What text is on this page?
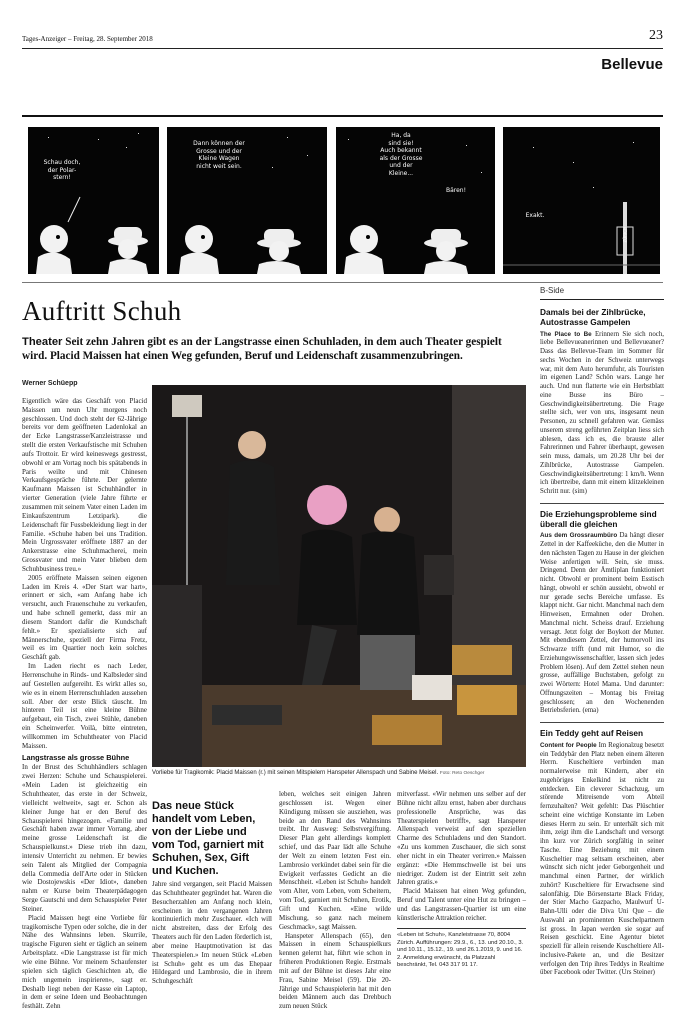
Tages-Anzeiger – Freitag, 28. September 2018	23
Bellevue
Schau doch,
der Polar-
stern!
Dann können der
Grosse und der
Kleine Wagen
nicht weit sein.
Ha, da
sind sie!
Auch bekannt
als der Grosse
und der
Kleine...
Bären!
Exakt.
ZÜRICH
Auftritt Schuh
Theater Seit zehn Jahren gibt es an der Langstrasse einen Schuhladen, in dem auch Theater gespielt wird. Placid Maissen hat einen Weg gefunden, Beruf und Leidenschaft zusammenzubringen.
Werner Schüepp

Eigentlich wäre das Geschäft von Placid Maissen um neun Uhr morgens noch geschlossen. Und doch steht der 62-Jährige bereits vor dem geöffneten Ladenlokal an der Ecke Langstrasse/Kanzleistrasse und stellt die ersten Verkaufstische mit Schuhen aufs Trottoir. Er wird keineswegs gestresst, obwohl er am Vortag noch bis spätabends in Paris weilte und mit Chinesen Verkaufsgespräche führte. Der gelernte Kaufmann Maissen ist Schuhhändler in vierter Generation (viele Jahre führte er zusammen mit seinem Vater einen Laden im Einkaufszentrum Letzipark). die Leidenschaft für Fussbekleidung liegt in der Familie. «Schuhe haben bei uns Tradition. Mein Urgrossvater eröffnete 1887 an der Ankerstrasse eine Schuhmacherei, mein Grossvater und mein Vater blieben dem Schuhbusiness treu.»

2005 eröffnete Maissen seinen eigenen Laden im Kreis 4. «Der Start war hart», erinnert er sich, «am Anfang habe ich versucht, auch Frauenschuhe zu verkaufen, und habe schnell gemerkt, dass mir an diesem Standort dafür die Kundschaft fehlt.» Er spezialisierte sich auf Männerschuhe, speziell der Firma Fretz, weil es im Quartier noch kein solches Geschäft gab.

Im Laden riecht es nach Leder, Herrenschuhe in Rinds- und Kalbsleder sind auf Gestellen aufgereiht. Es wirkt alles so, wie es in einem Herrenschuhladen aussehen soll. Aber der erste Blick täuscht. Im hinteren Teil ist eine kleine Bühne aufgebaut, ein Tisch, zwei Stühle, daneben ein Scheinwerfer. Voilà, bitte eintreten, willkommen im Schuhtheater von Placid Maissen.

Langstrasse als grosse Bühne

In der Brust des Schuhhändlers schlagen zwei Herzen: Schuhe und Schauspielerei. «Mein Laden ist gleichzeitig ein Schuhtheater, das erste in der Schweiz, vielleicht weltweit», sagt er. Schon als kleiner Junge hat er den Beruf des Schauspielerei hingezogen. «Familie und Geschäft haben zwar immer Vorrang, aber meine grosse Leidenschaft ist die Schauspielkunst.» Diese trieb ihn dazu, intensiv Unterricht zu nehmen. Er bewies sein Talent als Mitglied der Compagnia della Commedia dell'Arte oder in Stücken wie Dostojewskis «Der Idiot», daneben nahm er Kurse beim Theaterpädagogen Serge Gautschi und dem Schauspieler Peter Steiner.

Placid Maissen hegt eine Vorliebe für tragikomische Typen oder solche, die in der Nähe des Wahnsinns leben. Skurrile, tragische Figuren sieht er täglich an seinem Arbeitsplatz. «Die Langstrasse ist für mich wie eine Bühne. Vor meinem Schaufenster spielen sich täglich Geschichten ab, die mich ungemein inspirieren», sagt er. Deshalb liegt neben der Kasse ein Laptop, in dem er seine Ideen und Beobachtungen festhält. Zehn

Vorliebe für Tragikomik: Placid Maissen (r.) mit seinen Mitspielern Hanspeter Allenspach und Sabine Meisel. Foto: Reto Oeschger
Das neue Stück handelt vom Leben, von der Liebe und vom Tod, garniert mit Schuhen, Sex, Gift und Kuchen.

Jahre sind vergangen, seit Placid Maissen das Schuhtheater gegründet hat. Waren die Besucherzahlen am Anfang noch klein, erscheinen in den vergangenen Jahren kontinuierlich mehr Zuschauer. «Ich will nicht abstreiten, dass der Erfolg des Theaters auch für den Laden förderlich ist, aber meine Hauptmotivation ist das Theaterspielen.» Im neuen Stück «Leben ist Schuh» geht es um das Ehepaar Hildegard und Lambrosio, die in ihrem Schuhgeschäft

leben, welches seit einigen Jahren geschlossen ist. Wegen einer Kündigung müssen sie ausziehen, was beide an den Rand des Wahnsinns treibt. Ihr Ausweg: Selbstvergiftung. Dieser Plan geht allerdings komplett schief, und das Paar lädt alle Schuhe der Welt zu einem letzten Fest ein. Lambrosio verkündet dabei sein für die Ewigkeit verfasstes Gedicht an die Menschheit. «Leben ist Schuh» handelt vom Alter, vom Leben, vom Scheitern, vom Tod, garniert mit Schuhen, Erotik, Gift und Kuchen. «Eine wilde Mischung, so ganz nach meinem Geschmack», sagt Maissen.

Hanspeter Allenspach (65), den Maissen in einem Schauspielkurs kennen gelernt hat, führt wie schon in früheren Produktionen Regie. Erstmals mit auf der Bühne ist dieses Jahr eine Frau, Sabine Meisel (59). Die 20-Jährige und Schauspielerin hat mit den beiden Männern auch das Drehbuch zum neuen Stück

mitverfasst. «Wir nehmen uns selber auf der Bühne nicht allzu ernst, haben aber durchaus professionelle Ansprüche, was das Theaterspielen betrifft», sagt Hanspeter Allenspach verweist auf den speziellen Charme des Schuhladens und den Standort. «Zu uns kommen Zuschauer, die sich sonst eher nicht in ein Theater verirren.» Maissen ergänzt: «Die Hemmschwelle ist bei uns niedriger. Zudem ist der Eintritt seit zehn Jahren gratis.»

Placid Maissen hat einen Weg gefunden, Beruf und Talent unter eine Hut zu bringen – und das Langstrassen-Quartier ist um eine künstlerische Attraktion reicher.

«Leben ist Schuh», Kanzleistrasse 70, 8004 Zürich. Aufführungen: 29.9., 6., 13. und 20.10., 3. und 10.11., 15.12., 19. und 26.1.2019, 9. und 16. 2. Anmeldung erwünscht, da Platzzahl beschränkt, Tel. 043 317 91 17.
B-Side
Damals bei der Zihlbrücke, Autostrasse Gampelen
The Place to Be Erinnern Sie sich noch, liebe Bellevueanerinnen und Bellevueaner? Dass das Bellevue-Team im Sommer für sechs Wochen in der Schweiz unterwegs war, mit dem Auto herumfuhr, als Touristen im eigenen Land? Schön wars. Lange her auch. Und nun flatterte wie ein Herbstblatt eine Busse ins Büro – Geschwindigkeitsübertretung. Die Frage stellte sich, wer von uns, insgesamt neun Personen, zu schnell gefahren war. Gemäss unserem streng geführten Zeitplan liess sich ablesen, dass ich es, die brauste aller Fahrerinnen und Fahrer überhaupt, gewesen sein muss, damals, um 20.28 Uhr bei der Zihlbrücke, Autostrasse Gampelen. Geschwindigkeitsübertretung: 1 km/h. Wenn ich übertreibe, dann mit einem klitzekleinen Schritt nur. (sim)
Die Erziehungsprobleme sind überall die gleichen
Aus dem Grossraumbüro Da hängt dieser Zettel in der Kaffeeküche, den die Mutter in den nächsten Tagen zu Hause in der gleichen Weise anfertigen will. Sein, sie muss. Dringend. Denn der Ämtliplan funktioniert nicht. Obwohl er prominent beim Esstisch hängt, obwohl er schön aussieht, obwohl er nur gerade sechs Bereiche umfasse. Es klappt nicht. Gar nicht. Manchmal nach dem Hinweisen, Ermahnen oder Drohen. Manchmal nicht. Scheiss drauf. Erziehung versagt. Jetzt folgt der Boykott der Mutter. Mit ebendiesem Zettel, der humorvoll ins Schwarze trifft (und mit Humor, so die Erziehungswissenschaftler, lassen sich jedes Problem lösen). Auf dem Zettel stehen neun grosse, auffällige Buchstaben, gefolgt zu zwei Wörtern: Hotel Mama. Und darunter: Öffnungszeiten – Montag bis Freitag geschlossen; an den Wochenenden Betriebsferien. (ema)
Ein Teddy geht auf Reisen
Content for People Im Regionalzug besetzt ein Teddybär den Platz neben einem älteren Herrn. Kuscheltiere verbinden man normalerweise mit Kindern, aber ein zugehöriges Enkelkind ist nicht zu entdecken. Ein cleverer Schachzug, um störende Mitreisende vom Abteil fernzuhalten? Weit gefehlt: Das Plüschtier scheint eine wichtige Konstante im Leben dieses Herrn zu sein. Er unterhält sich mit ihm, zeigt ihm die Landschaft und versorgt ihn kurz vor Zürich sorgfältig in seiner Tasche. Eine Beziehung mit einem Kuscheltier mag seltsam erscheinen, aber wünscht sich nicht jeder Geborgenheit und manchmal einen Partner, der wirklich zuhört? Kuscheltiere für Erwachsene sind salonfähig. Die Börsenstarte Black Friday, der Stier Macho Gazpacho, Maulwurf U-Bahn-Ulli oder die Diva Uni Que – die Auswahl an prominenten Kuschelpartnern ist gross. In Japan werden sie sogar auf Reisen geschickt. Eine Agentur bietet speziell für allein reisende Kuscheltiere All-inclusive-Pakete an, und die Besitzer verfolgen den Trip ihres Teddys in Realtime über Facebook oder Twitter. (Urs Steiner)
